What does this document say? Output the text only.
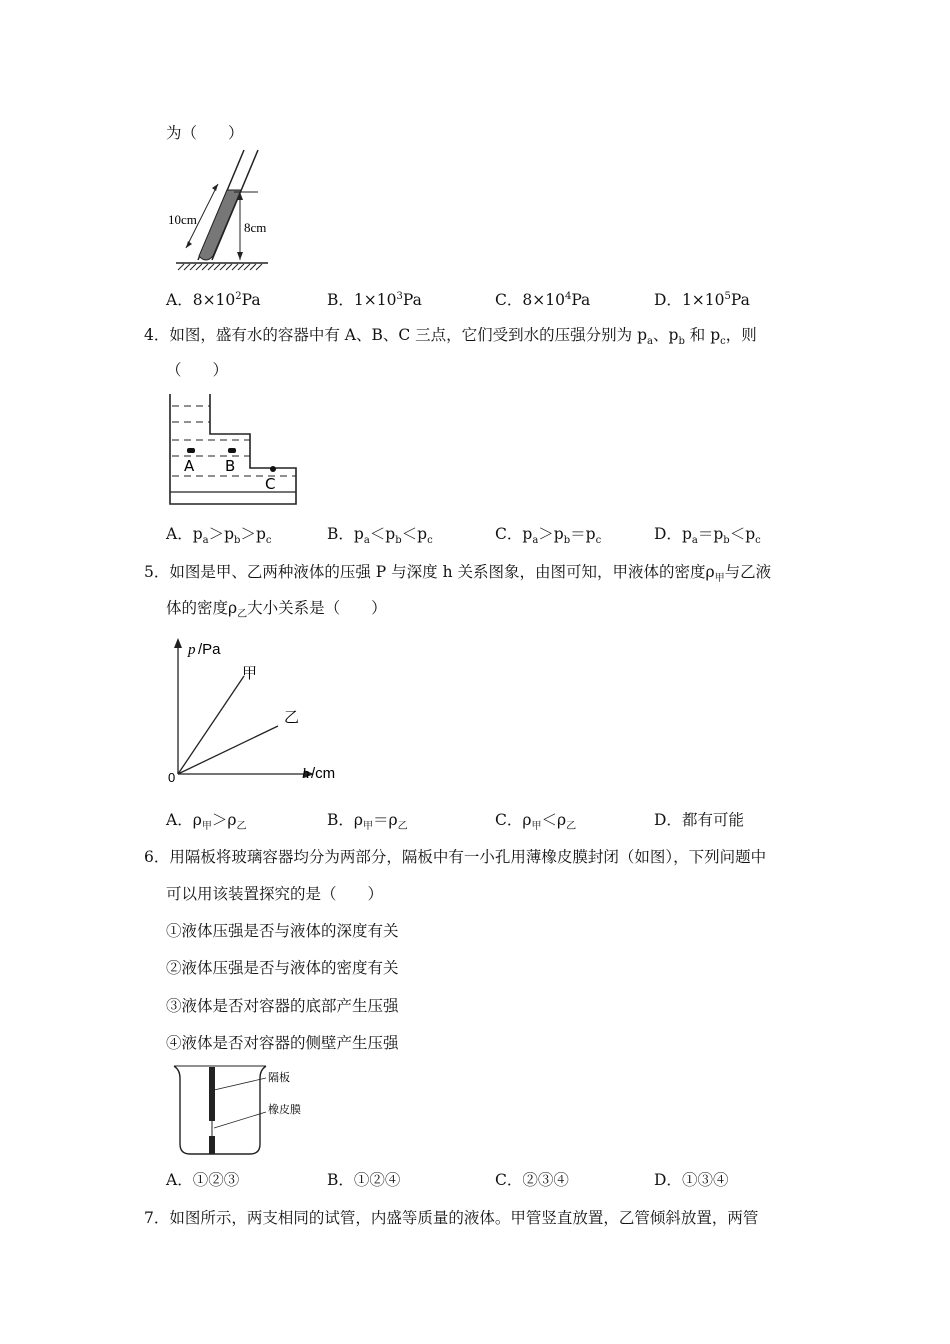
为（　　）
10cm
8cm
A．$8\times 10^2Pa$	B．$1\times 10^3Pa$	C．$8\times 10^4Pa$	D．$1\times 10^5Pa$
4．如图，盛有水的容器中有 A、B、C 三点，它们受到水的压强分别为 $p_a$、$p_b$ 和 $p_c$，则
（　　）
A B
C
A．$p_a>p_b>p_c$	B．$p_a<p_b<p_c$	C．$p_a>p_b=p_c$	D．$p_a=p_b<p_c$
5．如图是甲、乙两种液体的压强 P 与深度 h 关系图象，由图可知，甲液体的密度$\rho_甲$与乙液
体的密度$\rho_乙$大小关系是（　　）
p /Pa
h /cm
0
甲
乙
A．$\rho_甲>\rho_乙$	B．$\rho_甲=\rho_乙$	C．$\rho_甲<\rho_乙$	D．都有可能
6．用隔板将玻璃容器均分为两部分，隔板中有一小孔用薄橡皮膜封闭（如图），下列问题中
可以用该装置探究的是（　　）
①液体压强是否与液体的深度有关
②液体压强是否与液体的密度有关
③液体是否对容器的底部产生压强
④液体是否对容器的侧壁产生压强
隔板
橡皮膜
A．①②③	B．①②④	C．②③④	D．①③④
7．如图所示，两支相同的试管，内盛等质量的液体。甲管竖直放置，乙管倾斜放置，两管
